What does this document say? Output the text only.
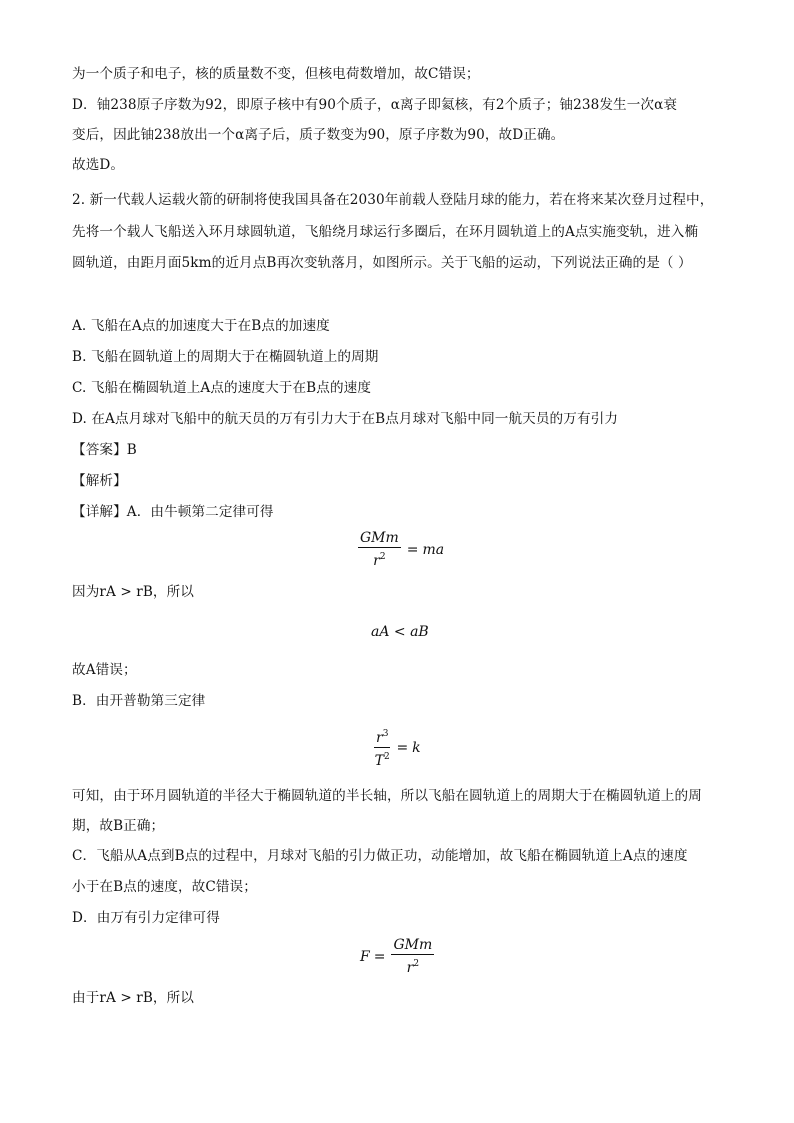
为一个质子和电子，核的质量数不变，但核电荷数增加，故C错误；
D．铀238原子序数为92，即原子核中有90个质子，α离子即氦核，有2个质子；铀238发生一次α衰
变后，因此铀238放出一个α离子后，质子数变为90，原子序数为90，故D正确。
故选D。
2. 新一代载人运载火箭的研制将使我国具备在2030年前载人登陆月球的能力，若在将来某次登月过程中，
先将一个载人飞船送入环月球圆轨道，飞船绕月球运行多圈后，在环月圆轨道上的A点实施变轨，进入椭
圆轨道，由距月面5km的近月点B再次变轨落月，如图所示。关于飞船的运动，下列说法正确的是（ ）
A. 飞船在A点的加速度大于在B点的加速度
B. 飞船在圆轨道上的周期大于在椭圆轨道上的周期
C. 飞船在椭圆轨道上A点的速度大于在B点的速度
D. 在A点月球对飞船中的航天员的万有引力大于在B点月球对飞船中同一航天员的万有引力
【答案】B
【解析】
【详解】A．由牛顿第二定律可得
$\frac{\text{GMm}}{r^2}$ = ma
因为rA > rB，所以
aA < aB
故A错误；
B．由开普勒第三定律
$\frac{r^3}{T^2} = k$
可知，由于环月圆轨道的半径大于椭圆轨道的半长轴，所以飞船在圆轨道上的周期大于在椭圆轨道上的周
期，故B正确；
C．飞船从A点到B点的过程中，月球对飞船的引力做正功，动能增加，故飞船在椭圆轨道上A点的速度
小于在B点的速度，故C错误；
D．由万有引力定律可得
$F = \frac{\text{GMm}}{r^2}$
由于rA > rB，所以
